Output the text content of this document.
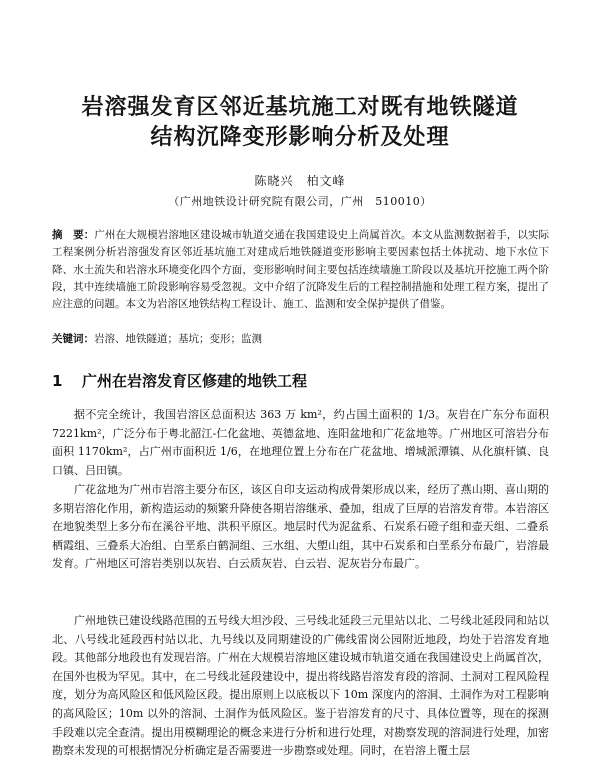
岩溶强发育区邻近基坑施工对既有地铁隧道
结构沉降变形影响分析及处理
陈晓兴　柏文峰
（广州地铁设计研究院有限公司，广州　510010）
摘　要：广州在大规模岩溶地区建设城市轨道交通在我国建设史上尚属首次。本文从监测数据着手，以实际工程案例分析岩溶强发育区邻近基坑施工对建成后地铁隧道变形影响主要因素包括土体扰动、地下水位下降、水土流失和岩溶水环境变化四个方面，变形影响时间主要包括连续墙施工阶段以及基坑开挖施工两个阶段，其中连续墙施工阶段影响容易受忽视。文中介绍了沉降发生后的工程控制措施和处理工程方案，提出了应注意的问题。本文为岩溶区地铁结构工程设计、施工、监测和安全保护提供了借鉴。
关键词：岩溶、地铁隧道；基坑；变形；监测
1 广州在岩溶发育区修建的地铁工程

据不完全统计，我国岩溶区总面积达 363 万 km²，约占国土面积的 1/3。灰岩在广东分布面积 7221km²，广泛分布于粤北韶江-仁化盆地、英德盆地、连阳盆地和广花盆地等。广州地区可溶岩分布面积 1170km²，占广州市面积近 1/6，在地理位置上分布在广花盆地、增城派潭镇、从化旗杆镇、良口镇、吕田镇。

广花盆地为广州市岩溶主要分布区，该区自印支运动构成骨架形成以来，经历了燕山期、喜山期的多期岩溶化作用，新构造运动的频繁升降使各期岩溶继承、叠加，组成了巨厚的岩溶发育带。本岩溶区在地貌类型上多分布在溪谷平地、洪积平原区。地层时代为泥盆系、石炭系石磴子组和壶天组、二叠系栖霞组、三叠系大冶组、白垩系白鹤洞组、三水组、大塱山组，其中石炭系和白垩系分布最广，岩溶最发育。广州地区可溶岩类别以灰岩、白云质灰岩、白云岩、泥灰岩分布最广。

广州地铁已建设线路范围的五号线大坦沙段、三号线北延段三元里站以北、二号线北延段同和站以北、八号线北延段西村站以北、九号线以及同期建设的广佛线雷岗公园附近地段，均处于岩溶发育地段。其他部分地段也有发现岩溶。广州在大规模岩溶地区建设城市轨道交通在我国建设史上尚属首次，在国外也极为罕见。其中，在二号线北延段建设中，提出将线路岩溶发育段的溶洞、土洞对工程风险程度，划分为高风险区和低风险区段。提出原则上以底板以下 10m 深度内的溶洞、土洞作为对工程影响的高风险区；10m 以外的溶洞、土洞作为低风险区。鉴于岩溶发育的尺寸、具体位置等，现在的探测手段难以完全查清。提出用模糊理论的概念来进行分析和进行处理，对勘察发现的溶洞进行处理，加密勘察未发现的可根据情况分析确定是否需要进一步勘察或处理。同时，在岩溶上覆土层
